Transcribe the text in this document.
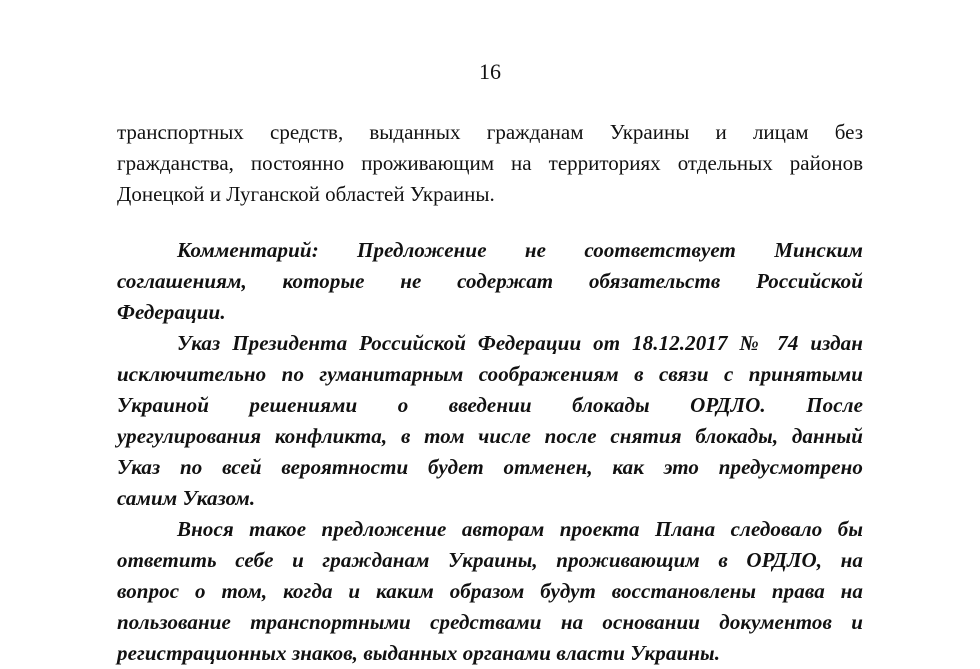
16
транспортных средств, выданных гражданам Украины и лицам без
гражданства, постоянно проживающим на территориях отдельных районов
Донецкой и Луганской областей Украины.
Комментарий: Предложение не соответствует Минским
соглашениям, которые не содержат обязательств Российской
Федерации.
Указ Президента Российской Федерации от 18.12.2017 № 74 издан
исключительно по гуманитарным соображениям в связи с принятыми
Украиной решениями о введении блокады ОРДЛО. После
урегулирования конфликта, в том числе после снятия блокады, данный
Указ по всей вероятности будет отменен, как это предусмотрено
самим Указом.
Внося такое предложение авторам проекта Плана следовало бы
ответить себе и гражданам Украины, проживающим в ОРДЛО, на
вопрос о том, когда и каким образом будут восстановлены права на
пользование транспортными средствами на основании документов и
регистрационных знаков, выданных органами власти Украины.
